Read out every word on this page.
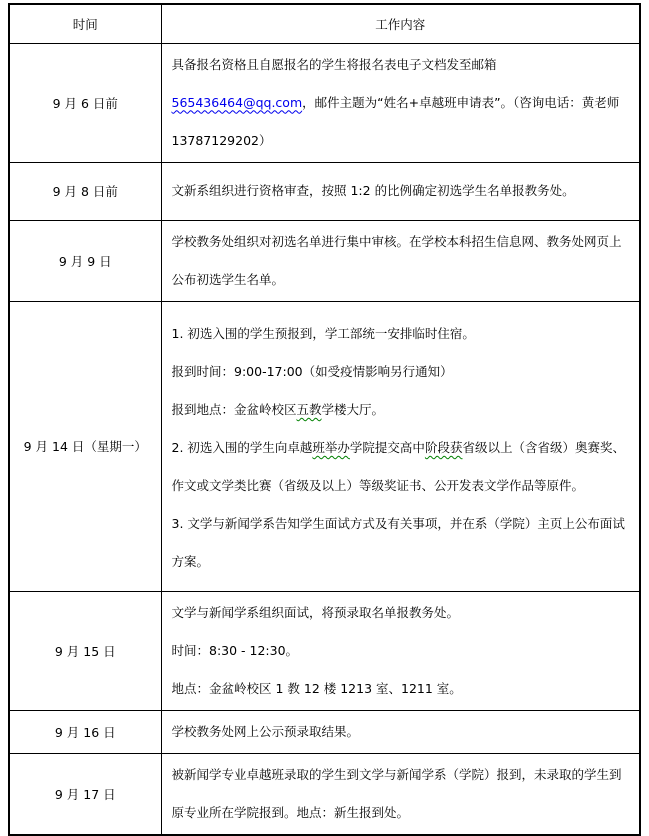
时间	工作内容
9 月 6 日前	具备报名资格且自愿报名的学生将报名表电子文档发至邮箱 565436464@qq.com，邮件主题为“姓名+卓越班申请表”。（咨询电话：黄老师 13787129202）

9 月 8 日前	文新系组织进行资格审查，按照 1:2 的比例确定初选学生名单报教务处。

9 月 9 日	学校教务处组织对初选名单进行集中审核。在学校本科招生信息网、教务处网页上公布初选学生名单。

9 月 14 日（星期一）	1. 初选入围的学生预报到，学工部统一安排临时住宿。

报到时间：9:00-17:00（如受疫情影响另行通知）

报到地点：金盆岭校区五教学楼大厅。

2. 初选入围的学生向卓越班举办学院提交高中阶段获省级以上（含省级）奥赛奖、作文或文学类比赛（省级及以上）等级奖证书、公开发表文学作品等原件。

3. 文学与新闻学系告知学生面试方式及有关事项，并在系（学院）主页上公布面试方案。

9 月 15 日	文学与新闻学系组织面试，将预录取名单报教务处。

时间：8:30 - 12:30。

地点：金盆岭校区 1 教 12 楼 1213 室、1211 室。

9 月 16 日	学校教务处网上公示预录取结果。

9 月 17 日	被新闻学专业卓越班录取的学生到文学与新闻学系（学院）报到，未录取的学生到原专业所在学院报到。地点：新生报到处。
